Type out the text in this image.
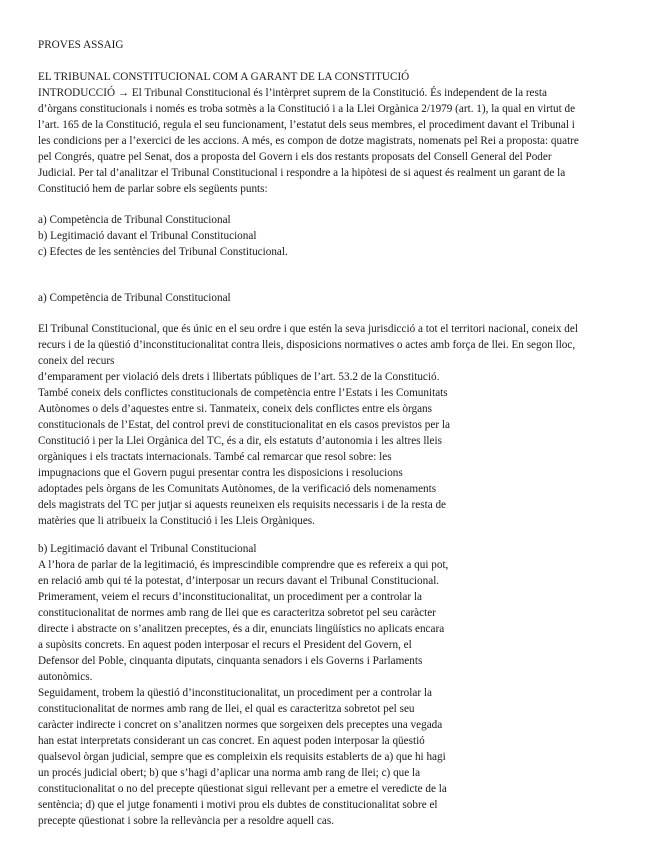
PROVES ASSAIG
EL TRIBUNAL CONSTITUCIONAL COM A GARANT DE LA CONSTITUCIÓ
INTRODUCCIÓ → El Tribunal Constitucional és l’intèrpret suprem de la Constitució. És independent de la resta
d’òrgans constitucionals i només es troba sotmès a la Constitució i a la Llei Orgànica 2/1979 (art. 1), la qual en virtut de
l’art. 165 de la Constitució, regula el seu funcionament, l’estatut dels seus membres, el procediment davant el Tribunal i
les condicions per a l’exercici de les accions. A més, es compon de dotze magistrats, nomenats pel Rei a proposta: quatre
pel Congrés, quatre pel Senat, dos a proposta del Govern i els dos restants proposats del Consell General del Poder
Judicial. Per tal d’analitzar el Tribunal Constitucional i respondre a la hipòtesi de si aquest és realment un garant de la
Constitució hem de parlar sobre els següents punts:
a) Competència de Tribunal Constitucional
b) Legitimació davant el Tribunal Constitucional
c) Efectes de les sentències del Tribunal Constitucional.
a) Competència de Tribunal Constitucional
El Tribunal Constitucional, que és únic en el seu ordre i que estén la seva jurisdicció a tot el territori nacional, coneix del
recurs i de la qüestió d’inconstitucionalitat contra lleis, disposicions normatives o actes amb força de llei. En segon lloc,
coneix del recurs
d’emparament per violació dels drets i llibertats públiques de l’art. 53.2 de la Constitució.
També coneix dels conflictes constitucionals de competència entre l’Estats i les Comunitats
Autònomes o dels d’aquestes entre si. Tanmateix, coneix dels conflictes entre els òrgans
constitucionals de l’Estat, del control previ de constitucionalitat en els casos previstos per la
Constitució i per la Llei Orgànica del TC, és a dir, els estatuts d’autonomia i les altres lleis
orgàniques i els tractats internacionals. També cal remarcar que resol sobre: les
impugnacions que el Govern pugui presentar contra les disposicions i resolucions
adoptades pels òrgans de les Comunitats Autònomes, de la verificació dels nomenaments
dels magistrats del TC per jutjar si aquests reuneixen els requisits necessaris i de la resta de
matèries que li atribueix la Constitució i les Lleis Orgàniques.
b) Legitimació davant el Tribunal Constitucional
A l’hora de parlar de la legitimació, és imprescindible comprendre que es refereix a qui pot,
en relació amb qui té la potestat, d’interposar un recurs davant el Tribunal Constitucional.
Primerament, veiem el recurs d’inconstitucionalitat, un procediment per a controlar la
constitucionalitat de normes amb rang de llei que es caracteritza sobretot pel seu caràcter
directe i abstracte on s’analitzen preceptes, és a dir, enunciats lingüístics no aplicats encara
a supòsits concrets. En aquest poden interposar el recurs el President del Govern, el
Defensor del Poble, cinquanta diputats, cinquanta senadors i els Governs i Parlaments
autonòmics.
Seguidament, trobem la qüestió d’inconstitucionalitat, un procediment per a controlar la
constitucionalitat de normes amb rang de llei, el qual es caracteritza sobretot pel seu
caràcter indirecte i concret on s’analitzen normes que sorgeixen dels preceptes una vegada
han estat interpretats considerant un cas concret. En aquest poden interposar la qüestió
qualsevol òrgan judicial, sempre que es compleixin els requisits establerts de a) que hi hagi
un procés judicial obert; b) que s’hagi d’aplicar una norma amb rang de llei; c) que la
constitucionalitat o no del precepte qüestionat sigui rellevant per a emetre el veredicte de la
sentència; d) que el jutge fonamenti i motivi prou els dubtes de constitucionalitat sobre el
precepte qüestionat i sobre la rellevància per a resoldre aquell cas.
